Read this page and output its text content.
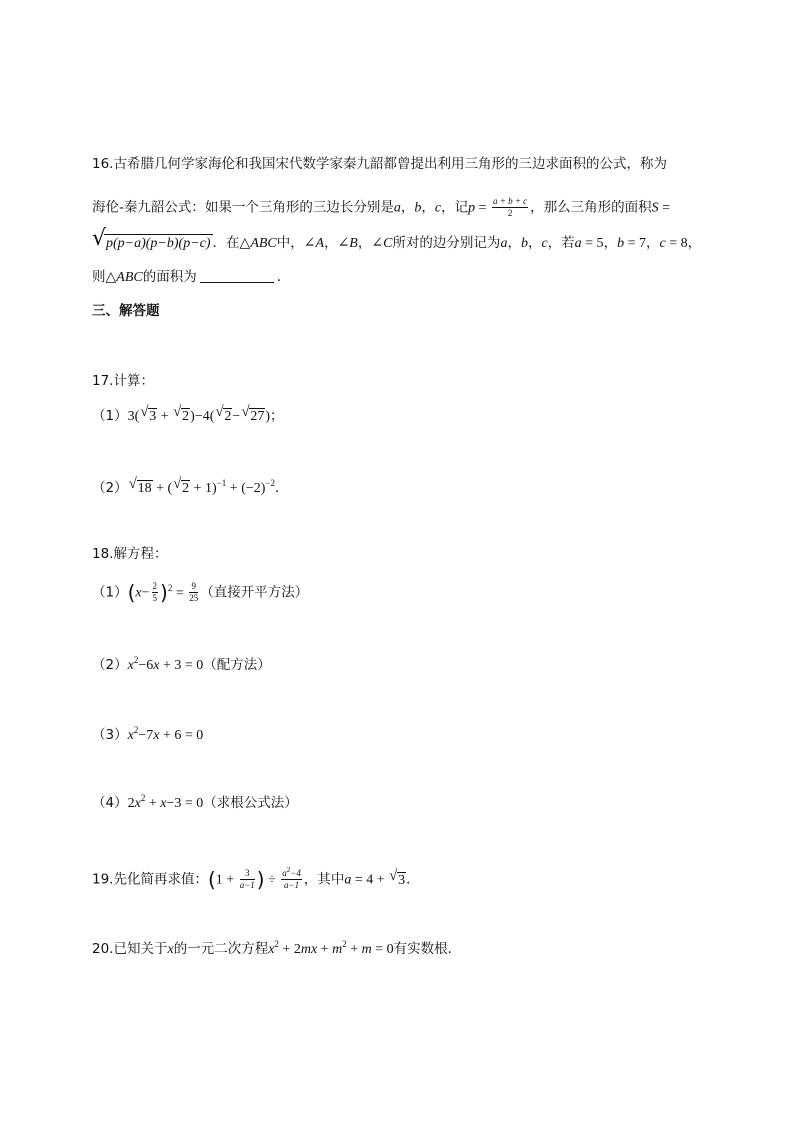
16.古希腊几何学家海伦和我国宋代数学家秦九韶都曾提出利用三角形的三边求面积的公式，称为
海伦-秦九韶公式：如果一个三角形的三边长分别是a，b，c，记$p = \frac{a + b + c}{2}$ ，那么三角形的面积S =
√ p(p−a)(p−b)(p−c) ．在△ABC中，∠A，∠B，∠C所对的边分别记为a，b，c，若a = 5，b = 7，c = 8，
则△ABC的面积为	．
三、解答题
17.计算：
（1）3( √ 3 + √ 2)−4( √ 2− √ 27)；
（2） √ 18 + ( √ $2 + 1)^{-1} + (-2)^{-2}$．
18.解方程：
$(1)(x- \frac{2}{5} )^2 = \frac{9}{25}$ （直接开平方法）
$(2)x^2-6x + 3 = 0$（配方法）
$(3)x^2-7x + 6 = 0$
$(4)2x^2 + x-3 = 0$（求根公式法）
19.先化简再求值：($1 + \frac{3}{a-1}$ ) ÷ $\frac{a^2-4}{a-1}$ ，其中a = 4 + √ 3．
20.已知关于x的一元二次方程$x^2 + 2mx + m^2 + m = 0$有实数根．
